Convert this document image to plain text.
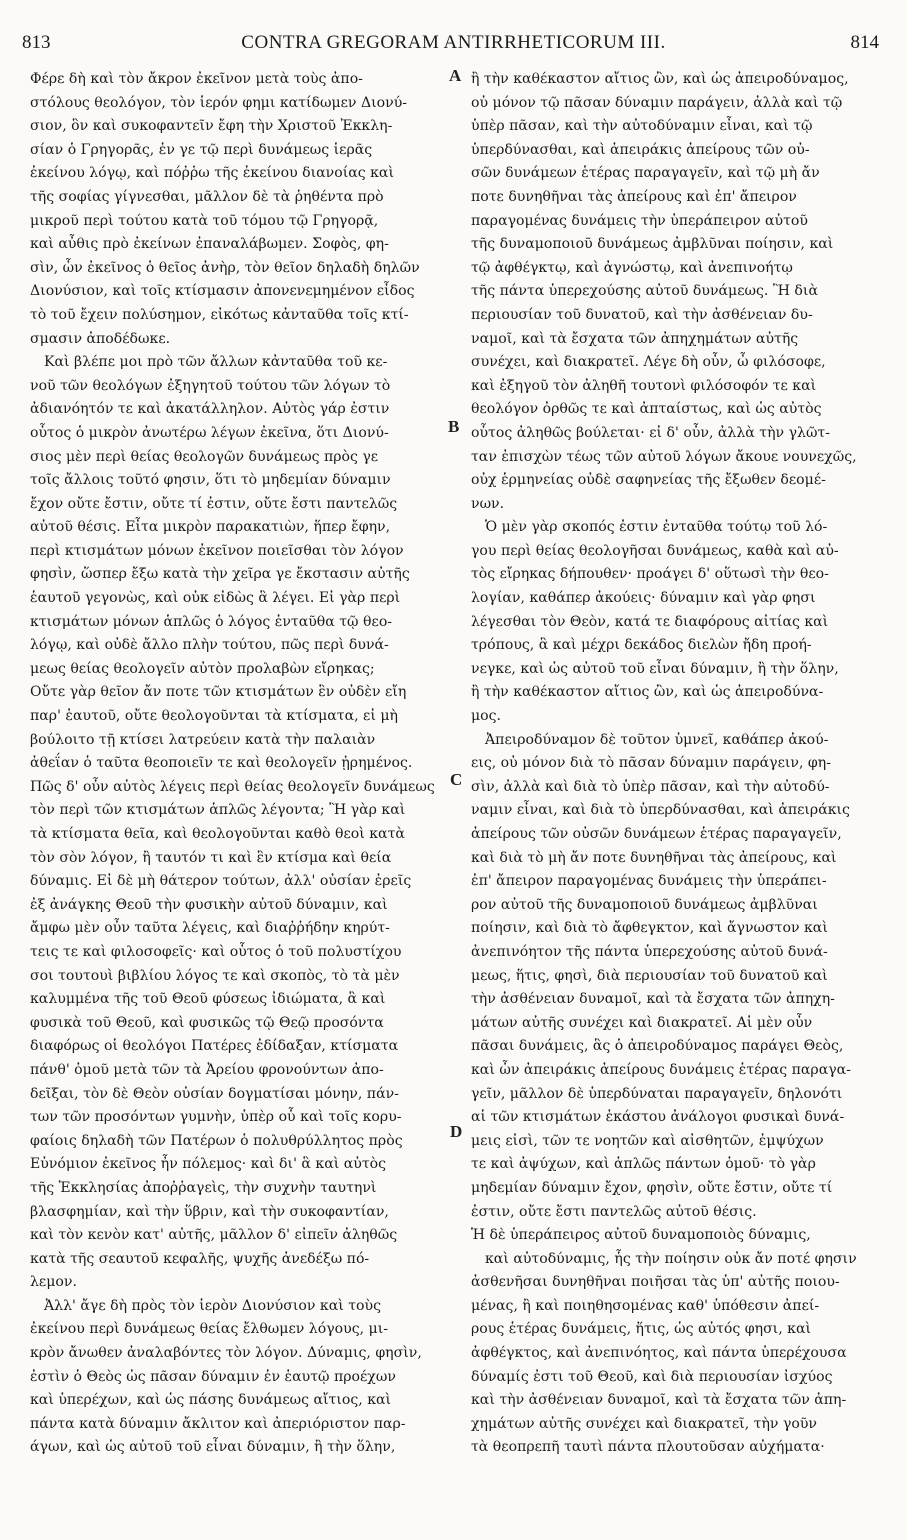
813	CONTRA GREGORAM ANTIRRHETICORUM III.	814
A
B
C
D
Φέρε δὴ καὶ τὸν ἄκρον ἐκεῖνον μετὰ τοὺς ἀπο-
στόλους θεολόγον, τὸν ἱερόν φημι κατίδωμεν Διονύ-
σιον, ὃν καὶ συκοφαντεῖν ἔφη τὴν Χριστοῦ Ἐκκλη-
σίαν ὁ Γρηγορᾶς, ἐν γε τῷ περὶ δυνάμεως ἱερᾶς
ἐκείνου λόγῳ, καὶ πόῤῥω τῆς ἐκείνου διανοίας καὶ
τῆς σοφίας γίγνεσθαι, μᾶλλον δὲ τὰ ῥηθέντα πρὸ
μικροῦ περὶ τούτου κατὰ τοῦ τόμου τῷ Γρηγορᾷ,
καὶ αὖθις πρὸ ἐκείνων ἐπαναλάβωμεν. Σοφὸς, φη-
σὶν, ὧν ἐκεῖνος ὁ θεῖος ἀνὴρ, τὸν θεῖον δηλαδὴ δηλῶν
Διονύσιον, καὶ τοῖς κτίσμασιν ἀπονενεμημένον εἶδος
τὸ τοῦ ἔχειν πολύσημον, εἰκότως κἀνταῦθα τοῖς κτί-
σμασιν ἀποδέδωκε.
Καὶ βλέπε μοι πρὸ τῶν ἄλλων κἀνταῦθα τοῦ κε-
νοῦ τῶν θεολόγων ἐξηγητοῦ τούτου τῶν λόγων τὸ
ἀδιανόητόν τε καὶ ἀκατάλληλον. Αὐτὸς γάρ ἐστιν
οὗτος ὁ μικρὸν ἀνωτέρω λέγων ἐκεῖνα, ὅτι Διονύ-
σιος μὲν περὶ θείας θεολογῶν δυνάμεως πρὸς γε
τοῖς ἄλλοις τοῦτό φησιν, ὅτι τὸ μηδεμίαν δύναμιν
ἔχον οὔτε ἔστιν, οὔτε τί ἐστιν, οὔτε ἔστι παντελῶς
αὐτοῦ θέσις. Εἶτα μικρὸν παρακατιὼν, ἥπερ ἔφην,
περὶ κτισμάτων μόνων ἐκεῖνον ποιεῖσθαι τὸν λόγον
φησὶν, ὥσπερ ἔξω κατὰ τὴν χεῖρα γε ἔκστασιν αὐτῆς
ἑαυτοῦ γεγονὼς, καὶ οὐκ εἰδὼς ἃ λέγει. Εἰ γὰρ περὶ
κτισμάτων μόνων ἁπλῶς ὁ λόγος ἐνταῦθα τῷ θεο-
λόγῳ, καὶ οὐδὲ ἄλλο πλὴν τούτου, πῶς περὶ δυνά-
μεως θείας θεολογεῖν αὐτὸν προλαβὼν εἴρηκας;
Οὔτε γὰρ θεῖον ἄν ποτε τῶν κτισμάτων ἓν οὐδὲν εἴη
παρ' ἑαυτοῦ, οὔτε θεολογοῦνται τὰ κτίσματα, εἰ μὴ
βούλοιτο τῇ κτίσει λατρεύειν κατὰ τὴν παλαιὰν
ἀθεΐαν ὁ ταῦτα θεοποιεῖν τε καὶ θεολογεῖν ᾐρημένος.
Πῶς δ' οὖν αὐτὸς λέγεις περὶ θείας θεολογεῖν δυνάμεως
τὸν περὶ τῶν κτισμάτων ἁπλῶς λέγοντα; Ἢ γὰρ καὶ
τὰ κτίσματα θεῖα, καὶ θεολογοῦνται καθὸ θεοὶ κατὰ
τὸν σὸν λόγον, ἢ ταυτόν τι καὶ ἓν κτίσμα καὶ θεία
δύναμις. Εἰ δὲ μὴ θάτερον τούτων, ἀλλ' οὐσίαν ἐρεῖς
ἐξ ἀνάγκης Θεοῦ τὴν φυσικὴν αὐτοῦ δύναμιν, καὶ
ἄμφω μὲν οὖν ταῦτα λέγεις, καὶ διαῤῥήδην κηρύτ-
τεις τε καὶ φιλοσοφεῖς· καὶ οὗτος ὁ τοῦ πολυστίχου
σοι τουτουὶ βιβλίου λόγος τε καὶ σκοπὸς, τὸ τὰ μὲν
καλυμμένα τῆς τοῦ Θεοῦ φύσεως ἰδιώματα, ἃ καὶ
φυσικὰ τοῦ Θεοῦ, καὶ φυσικῶς τῷ Θεῷ προσόντα
διαφόρως οἱ θεολόγοι Πατέρες ἐδίδαξαν, κτίσματα
πάνθ' ὁμοῦ μετὰ τῶν τὰ Ἀρείου φρονούντων ἀπο-
δεῖξαι, τὸν δὲ Θεὸν οὐσίαν δογματίσαι μόνην, πάν-
των τῶν προσόντων γυμνὴν, ὑπὲρ οὗ καὶ τοῖς κορυ-
φαίοις δηλαδὴ τῶν Πατέρων ὁ πολυθρύλλητος πρὸς
Εὐνόμιον ἐκεῖνος ἦν πόλεμος· καὶ δι' ἃ καὶ αὐτὸς
τῆς Ἐκκλησίας ἀποῤῥαγεὶς, τὴν συχνὴν ταυτηνὶ
βλασφημίαν, καὶ τὴν ὕβριν, καὶ τὴν συκοφαντίαν,
καὶ τὸν κενὸν κατ' αὐτῆς, μᾶλλον δ' εἰπεῖν ἀληθῶς
κατὰ τῆς σεαυτοῦ κεφαλῆς, ψυχῆς ἀνεδέξω πό-
λεμον.
Ἀλλ' ἄγε δὴ πρὸς τὸν ἱερὸν Διονύσιον καὶ τοὺς
ἐκείνου περὶ δυνάμεως θείας ἔλθωμεν λόγους, μι-
κρὸν ἄνωθεν ἀναλαβόντες τὸν λόγον. Δύναμις, φησὶν,
ἐστὶν ὁ Θεὸς ὡς πᾶσαν δύναμιν ἐν ἑαυτῷ προέχων
καὶ ὑπερέχων, καὶ ὡς πάσης δυνάμεως αἴτιος, καὶ
πάντα κατὰ δύναμιν ἄκλιτον καὶ ἀπεριόριστον παρ-
άγων, καὶ ὡς αὐτοῦ τοῦ εἶναι δύναμιν, ἢ τὴν ὅλην,
ἢ τὴν καθέκαστον αἴτιος ὢν, καὶ ὡς ἀπειροδύναμος,
οὐ μόνον τῷ πᾶσαν δύναμιν παράγειν, ἀλλὰ καὶ τῷ
ὑπὲρ πᾶσαν, καὶ τὴν αὐτοδύναμιν εἶναι, καὶ τῷ
ὑπερδύνασθαι, καὶ ἀπειράκις ἀπείρους τῶν οὐ-
σῶν δυνάμεων ἑτέρας παραγαγεῖν, καὶ τῷ μὴ ἄν
ποτε δυνηθῆναι τὰς ἀπείρους καὶ ἐπ' ἄπειρον
παραγομένας δυνάμεις τὴν ὑπεράπειρον αὐτοῦ
τῆς δυναμοποιοῦ δυνάμεως ἀμβλῦναι ποίησιν, καὶ
τῷ ἀφθέγκτῳ, καὶ ἀγνώστῳ, καὶ ἀνεπινοήτῳ
τῆς πάντα ὑπερεχούσης αὐτοῦ δυνάμεως. Ἢ διὰ
περιουσίαν τοῦ δυνατοῦ, καὶ τὴν ἀσθένειαν δυ-
ναμοῖ, καὶ τὰ ἔσχατα τῶν ἀπηχημάτων αὐτῆς
συνέχει, καὶ διακρατεῖ. Λέγε δὴ οὖν, ὦ φιλόσοφε,
καὶ ἐξηγοῦ τὸν ἀληθῆ τουτονὶ φιλόσοφόν τε καὶ
θεολόγον ὀρθῶς τε καὶ ἀπταίστως, καὶ ὡς αὐτὸς
οὗτος ἀληθῶς βούλεται· εἰ δ' οὖν, ἀλλὰ τὴν γλῶτ-
ταν ἐπισχὼν τέως τῶν αὐτοῦ λόγων ἄκουε νουνεχῶς,
οὐχ ἑρμηνείας οὐδὲ σαφηνείας τῆς ἔξωθεν δεομέ-
νων.
Ὁ μὲν γὰρ σκοπός ἐστιν ἐνταῦθα τούτῳ τοῦ λό-
γου περὶ θείας θεολογῆσαι δυνάμεως, καθὰ καὶ αὐ-
τὸς εἴρηκας δήπουθεν· προάγει δ' οὕτωσὶ τὴν θεο-
λογίαν, καθάπερ ἀκούεις· δύναμιν καὶ γὰρ φησι
λέγεσθαι τὸν Θεὸν, κατά τε διαφόρους αἰτίας καὶ
τρόπους, ἃ καὶ μέχρι δεκάδος διελὼν ἤδη προή-
νεγκε, καὶ ὡς αὐτοῦ τοῦ εἶναι δύναμιν, ἢ τὴν ὅλην,
ἢ τὴν καθέκαστον αἴτιος ὢν, καὶ ὡς ἀπειροδύνα-
μος.
Ἀπειροδύναμον δὲ τοῦτον ὑμνεῖ, καθάπερ ἀκού-
εις, οὐ μόνον διὰ τὸ πᾶσαν δύναμιν παράγειν, φη-
σὶν, ἀλλὰ καὶ διὰ τὸ ὑπὲρ πᾶσαν, καὶ τὴν αὐτοδύ-
ναμιν εἶναι, καὶ διὰ τὸ ὑπερδύνασθαι, καὶ ἀπειράκις
ἀπείρους τῶν οὐσῶν δυνάμεων ἑτέρας παραγαγεῖν,
καὶ διὰ τὸ μὴ ἄν ποτε δυνηθῆναι τὰς ἀπείρους, καὶ
ἐπ' ἄπειρον παραγομένας δυνάμεις τὴν ὑπεράπει-
ρον αὐτοῦ τῆς δυναμοποιοῦ δυνάμεως ἀμβλῦναι
ποίησιν, καὶ διὰ τὸ ἄφθεγκτον, καὶ ἄγνωστον καὶ
ἀνεπινόητον τῆς πάντα ὑπερεχούσης αὐτοῦ δυνά-
μεως, ἥτις, φησὶ, διὰ περιουσίαν τοῦ δυνατοῦ καὶ
τὴν ἀσθένειαν δυναμοῖ, καὶ τὰ ἔσχατα τῶν ἀπηχη-
μάτων αὐτῆς συνέχει καὶ διακρατεῖ. Αἱ μὲν οὖν
πᾶσαι δυνάμεις, ἃς ὁ ἀπειροδύναμος παράγει Θεὸς,
καὶ ὧν ἀπειράκις ἀπείρους δυνάμεις ἑτέρας παραγα-
γεῖν, μᾶλλον δὲ ὑπερδύναται παραγαγεῖν, δηλονότι
αἱ τῶν κτισμάτων ἑκάστου ἀνάλογοι φυσικαὶ δυνά-
μεις εἰσὶ, τῶν τε νοητῶν καὶ αἰσθητῶν, ἐμψύχων
τε καὶ ἀψύχων, καὶ ἁπλῶς πάντων ὁμοῦ· τὸ γὰρ
μηδεμίαν δύναμιν ἔχον, φησὶν, οὔτε ἔστιν, οὔτε τί
ἐστιν, οὔτε ἔστι παντελῶς αὐτοῦ θέσις.
Ἡ δὲ ὑπεράπειρος αὐτοῦ δυναμοποιὸς δύναμις,
καὶ αὐτοδύναμις, ἧς τὴν ποίησιν οὐκ ἄν ποτέ φησιν
ἀσθενῆσαι δυνηθῆναι ποιῆσαι τὰς ὑπ' αὐτῆς ποιου-
μένας, ἢ καὶ ποιηθησομένας καθ' ὑπόθεσιν ἀπεί-
ρους ἑτέρας δυνάμεις, ἥτις, ὡς αὐτός φησι, καὶ
ἀφθέγκτος, καὶ ἀνεπινόητος, καὶ πάντα ὑπερέχουσα
δύναμίς ἐστι τοῦ Θεοῦ, καὶ διὰ περιουσίαν ἰσχύος
καὶ τὴν ἀσθένειαν δυναμοῖ, καὶ τὰ ἔσχατα τῶν ἀπη-
χημάτων αὐτῆς συνέχει καὶ διακρατεῖ, τὴν γοῦν
τὰ θεοπρεπῆ ταυτὶ πάντα πλουτοῦσαν αὐχήματα·
